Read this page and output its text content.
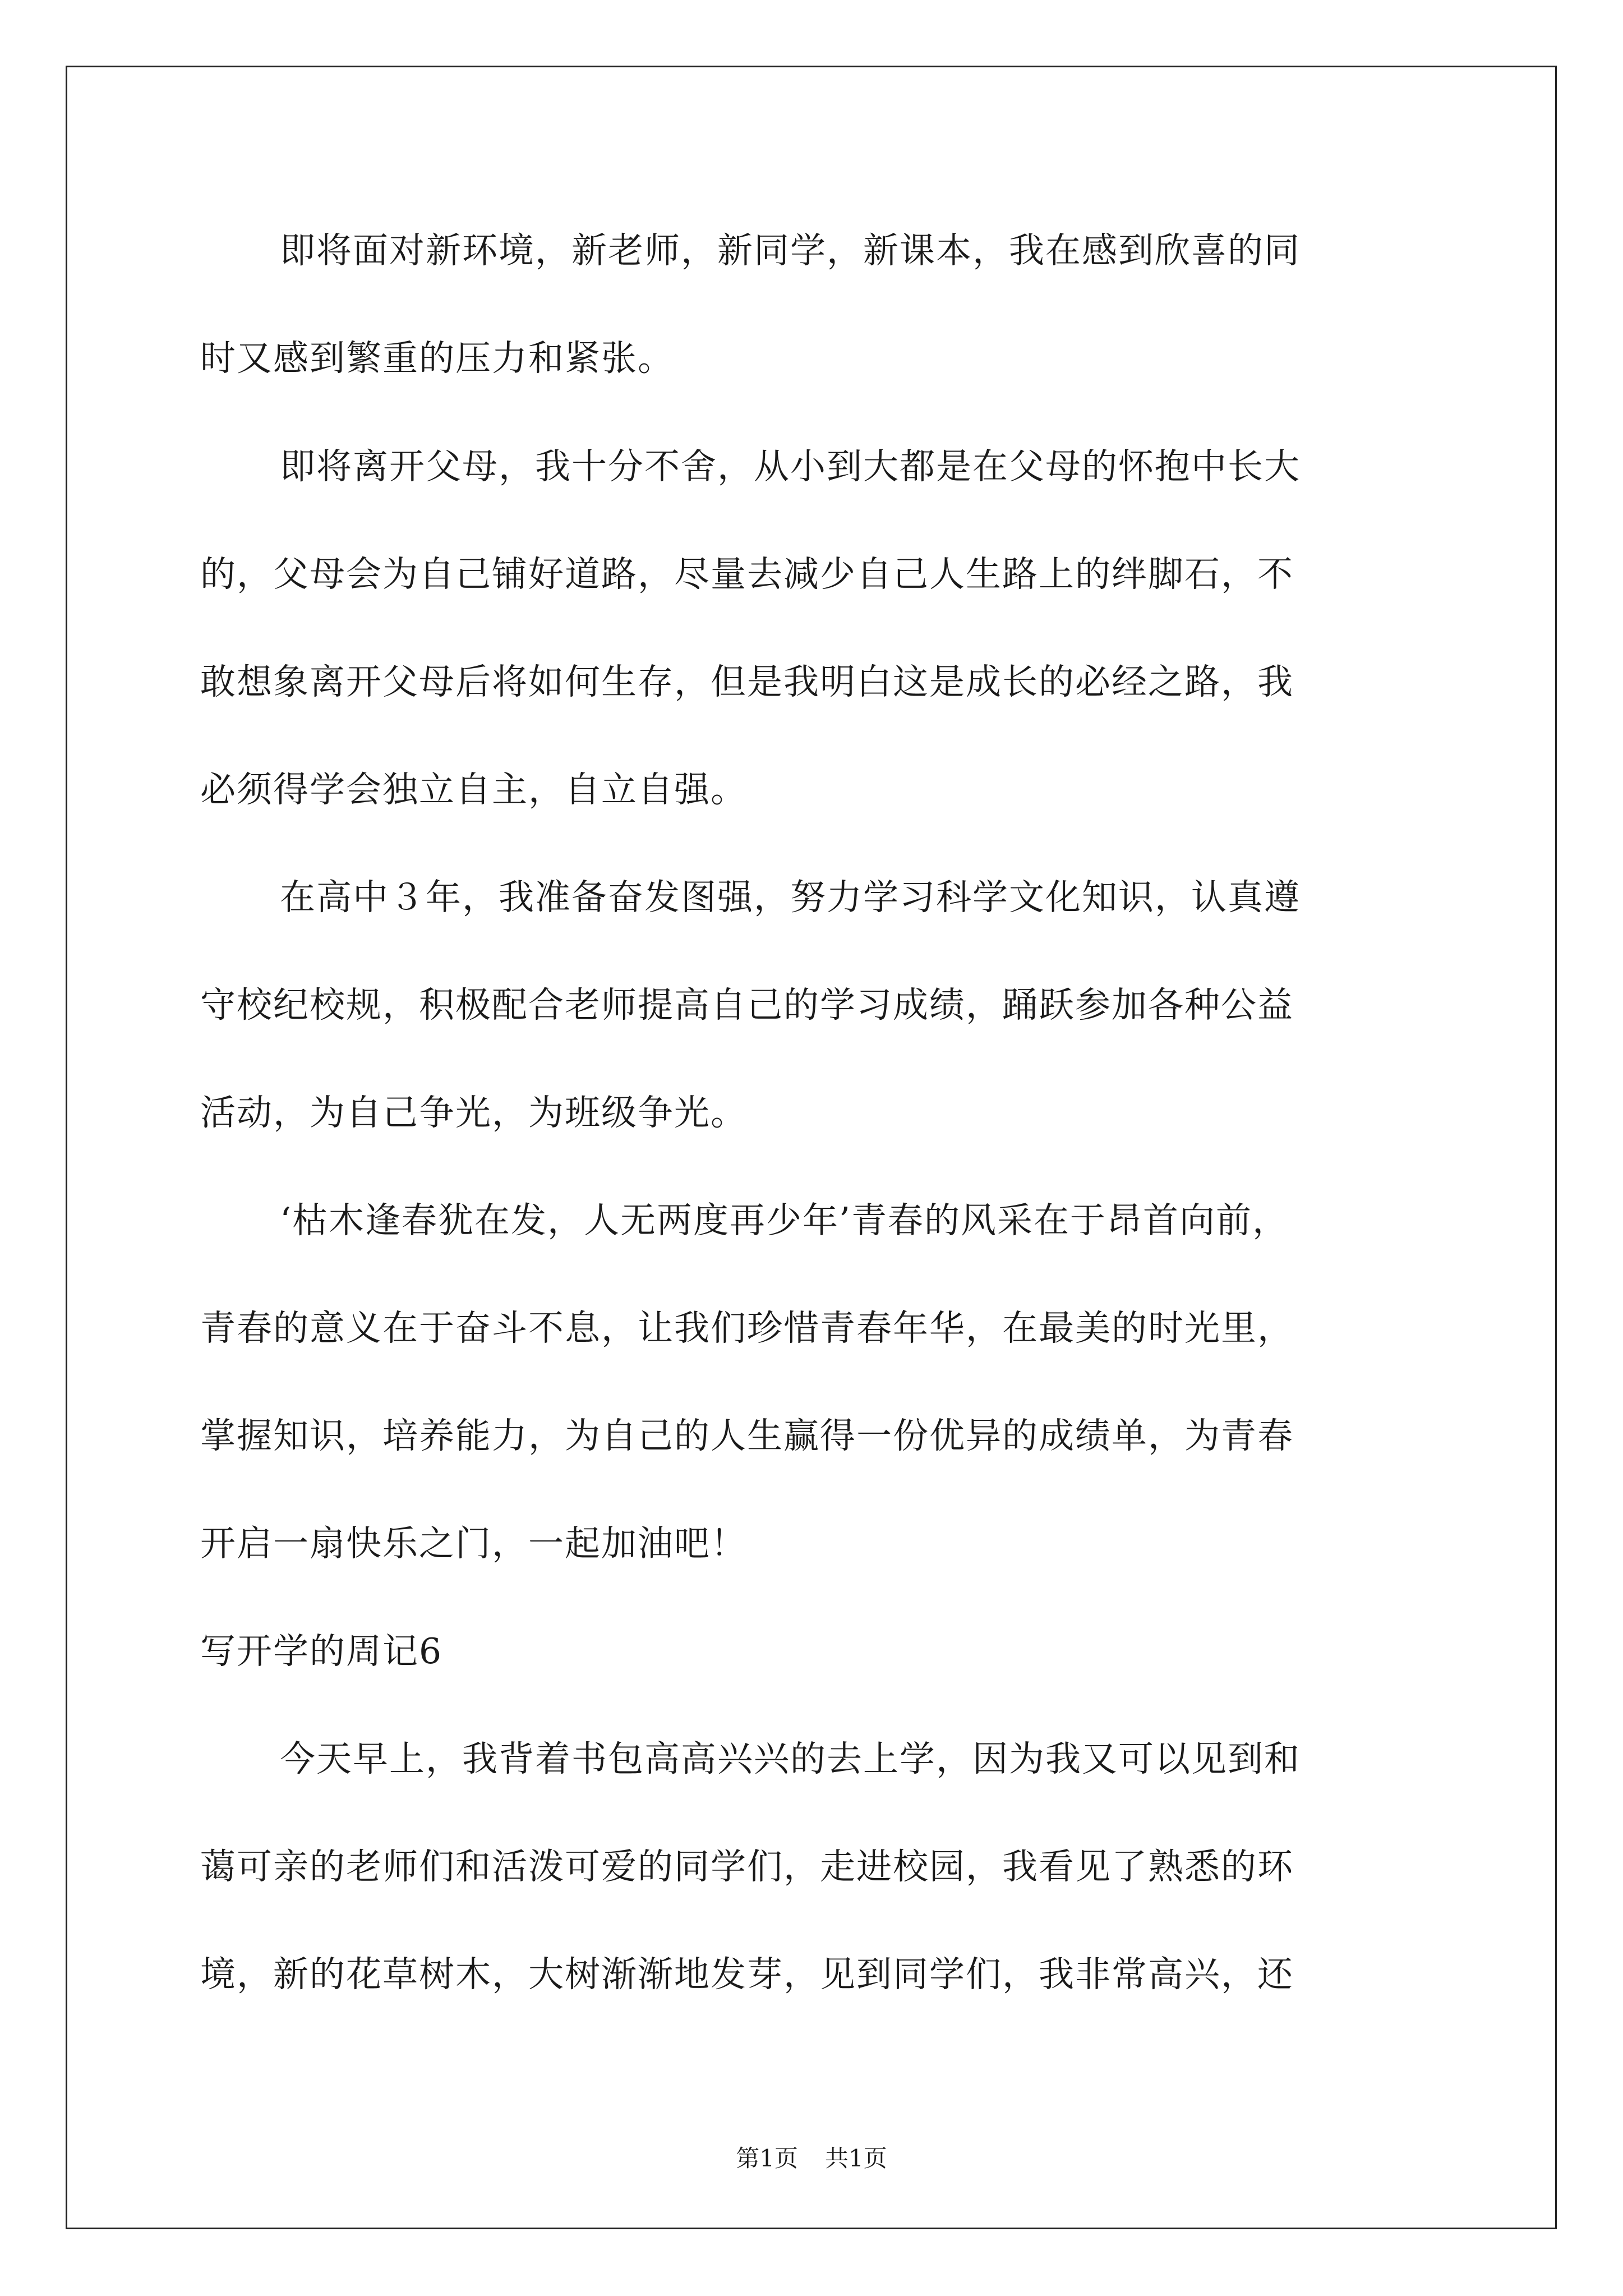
即将面对新环境，新老师，新同学，新课本，我在感到欣喜的同
时又感到繁重的压力和紧张。
即将离开父母，我十分不舍，从小到大都是在父母的怀抱中长大
的，父母会为自己铺好道路，尽量去减少自己人生路上的绊脚石，不
敢想象离开父母后将如何生存，但是我明白这是成长的必经之路，我
必须得学会独立自主，自立自强。
在高中３年，我准备奋发图强，努力学习科学文化知识，认真遵
守校纪校规，积极配合老师提高自己的学习成绩，踊跃参加各种公益
活动，为自己争光，为班级争光。
‘枯木逢春犹在发，人无两度再少年’青春的风采在于昂首向前，
青春的意义在于奋斗不息，让我们珍惜青春年华，在最美的时光里，
掌握知识，培养能力，为自己的人生赢得一份优异的成绩单，为青春
开启一扇快乐之门，一起加油吧！
写开学的周记6
今天早上，我背着书包高高兴兴的去上学，因为我又可以见到和
蔼可亲的老师们和活泼可爱的同学们，走进校园，我看见了熟悉的环
境，新的花草树木，大树渐渐地发芽，见到同学们，我非常高兴，还
第1页 共1页
